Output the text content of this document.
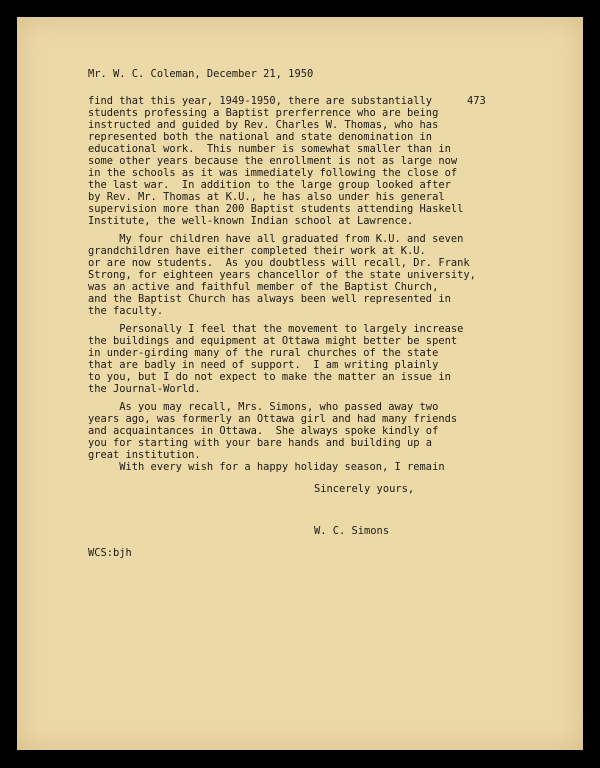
Mr. W. C. Coleman, December 21, 1950
473
find that this year, 1949-1950, there are substantially
students professing a Baptist prerferrence who are being
instructed and guided by Rev. Charles W. Thomas, who has
represented both the national and state denomination in
educational work.  This number is somewhat smaller than in
some other years because the enrollment is not as large now
in the schools as it was immediately following the close of
the last war.  In addition to the large group looked after
by Rev. Mr. Thomas at K.U., he has also under his general
supervision more than 200 Baptist students attending Haskell
Institute, the well-known Indian school at Lawrence.
My four children have all graduated from K.U. and seven
grandchildren have either completed their work at K.U.
or are now students.  As you doubtless will recall, Dr. Frank
Strong, for eighteen years chancellor of the state university,
was an active and faithful member of the Baptist Church,
and the Baptist Church has always been well represented in
the faculty.
Personally I feel that the movement to largely increase
the buildings and equipment at Ottawa might better be spent
in under-girding many of the rural churches of the state
that are badly in need of support.  I am writing plainly
to you, but I do not expect to make the matter an issue in
the Journal-World.
As you may recall, Mrs. Simons, who passed away two
years ago, was formerly an Ottawa girl and had many friends
and acquaintances in Ottawa.  She always spoke kindly of
you for starting with your bare hands and building up a
great institution.
With every wish for a happy holiday season, I remain
Sincerely yours,
W. C. Simons
WCS:bjh
